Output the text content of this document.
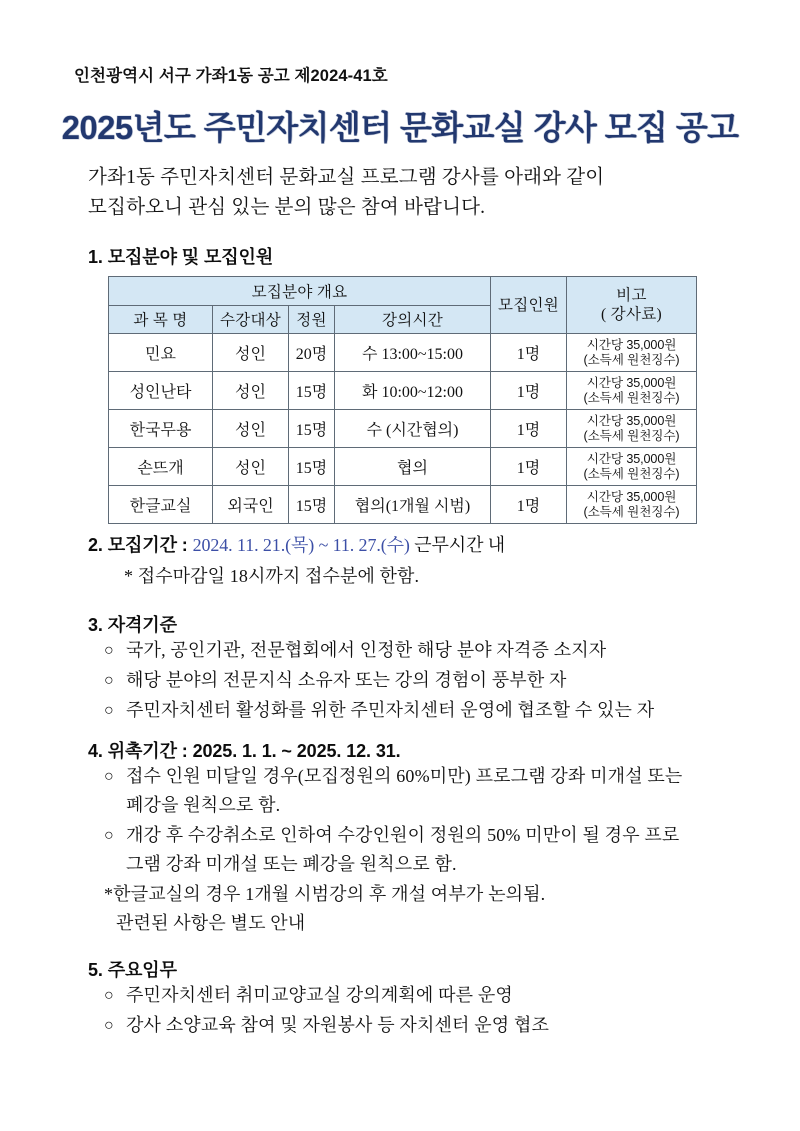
인천광역시 서구 가좌1동 공고 제2024-41호
2025년도 주민자치센터 문화교실 강사 모집 공고
가좌1동 주민자치센터 문화교실 프로그램 강사를 아래와 같이
모집하오니 관심 있는 분의 많은 참여 바랍니다.
1. 모집분야 및 모집인원
모집분야 개요				모집인원	비고
( 강사료)

과 목 명	수강대상	정원	강의시간		
민요	성인	20명	수 13:00~15:00	1명	시간당 35,000원
(소득세 원천징수)

성인난타	성인	15명	화 10:00~12:00	1명	시간당 35,000원
(소득세 원천징수)

한국무용	성인	15명	수 (시간협의)	1명	시간당 35,000원
(소득세 원천징수)

손뜨개	성인	15명	협의	1명	시간당 35,000원
(소득세 원천징수)

한글교실	외국인	15명	협의(1개월 시범)	1명	시간당 35,000원
(소득세 원천징수)
2. 모집기간 : 2024. 11. 21.(목) ~ 11. 27.(수) 근무시간 내
* 접수마감일 18시까지 접수분에 한함.
3. 자격기준
○ 국가, 공인기관, 전문협회에서 인정한 해당 분야 자격증 소지자
○ 해당 분야의 전문지식 소유자 또는 강의 경험이 풍부한 자
○ 주민자치센터 활성화를 위한 주민자치센터 운영에 협조할 수 있는 자
4. 위촉기간 : 2025. 1. 1. ~ 2025. 12. 31.
○ 접수 인원 미달일 경우(모집정원의 60%미만) 프로그램 강좌 미개설 또는
폐강을 원칙으로 함.
○ 개강 후 수강취소로 인하여 수강인원이 정원의 50% 미만이 될 경우 프로
그램 강좌 미개설 또는 폐강을 원칙으로 함.
*한글교실의 경우 1개월 시범강의 후 개설 여부가 논의됨.
관련된 사항은 별도 안내
5. 주요임무
○ 주민자치센터 취미교양교실 강의계획에 따른 운영
○ 강사 소양교육 참여 및 자원봉사 등 자치센터 운영 협조
